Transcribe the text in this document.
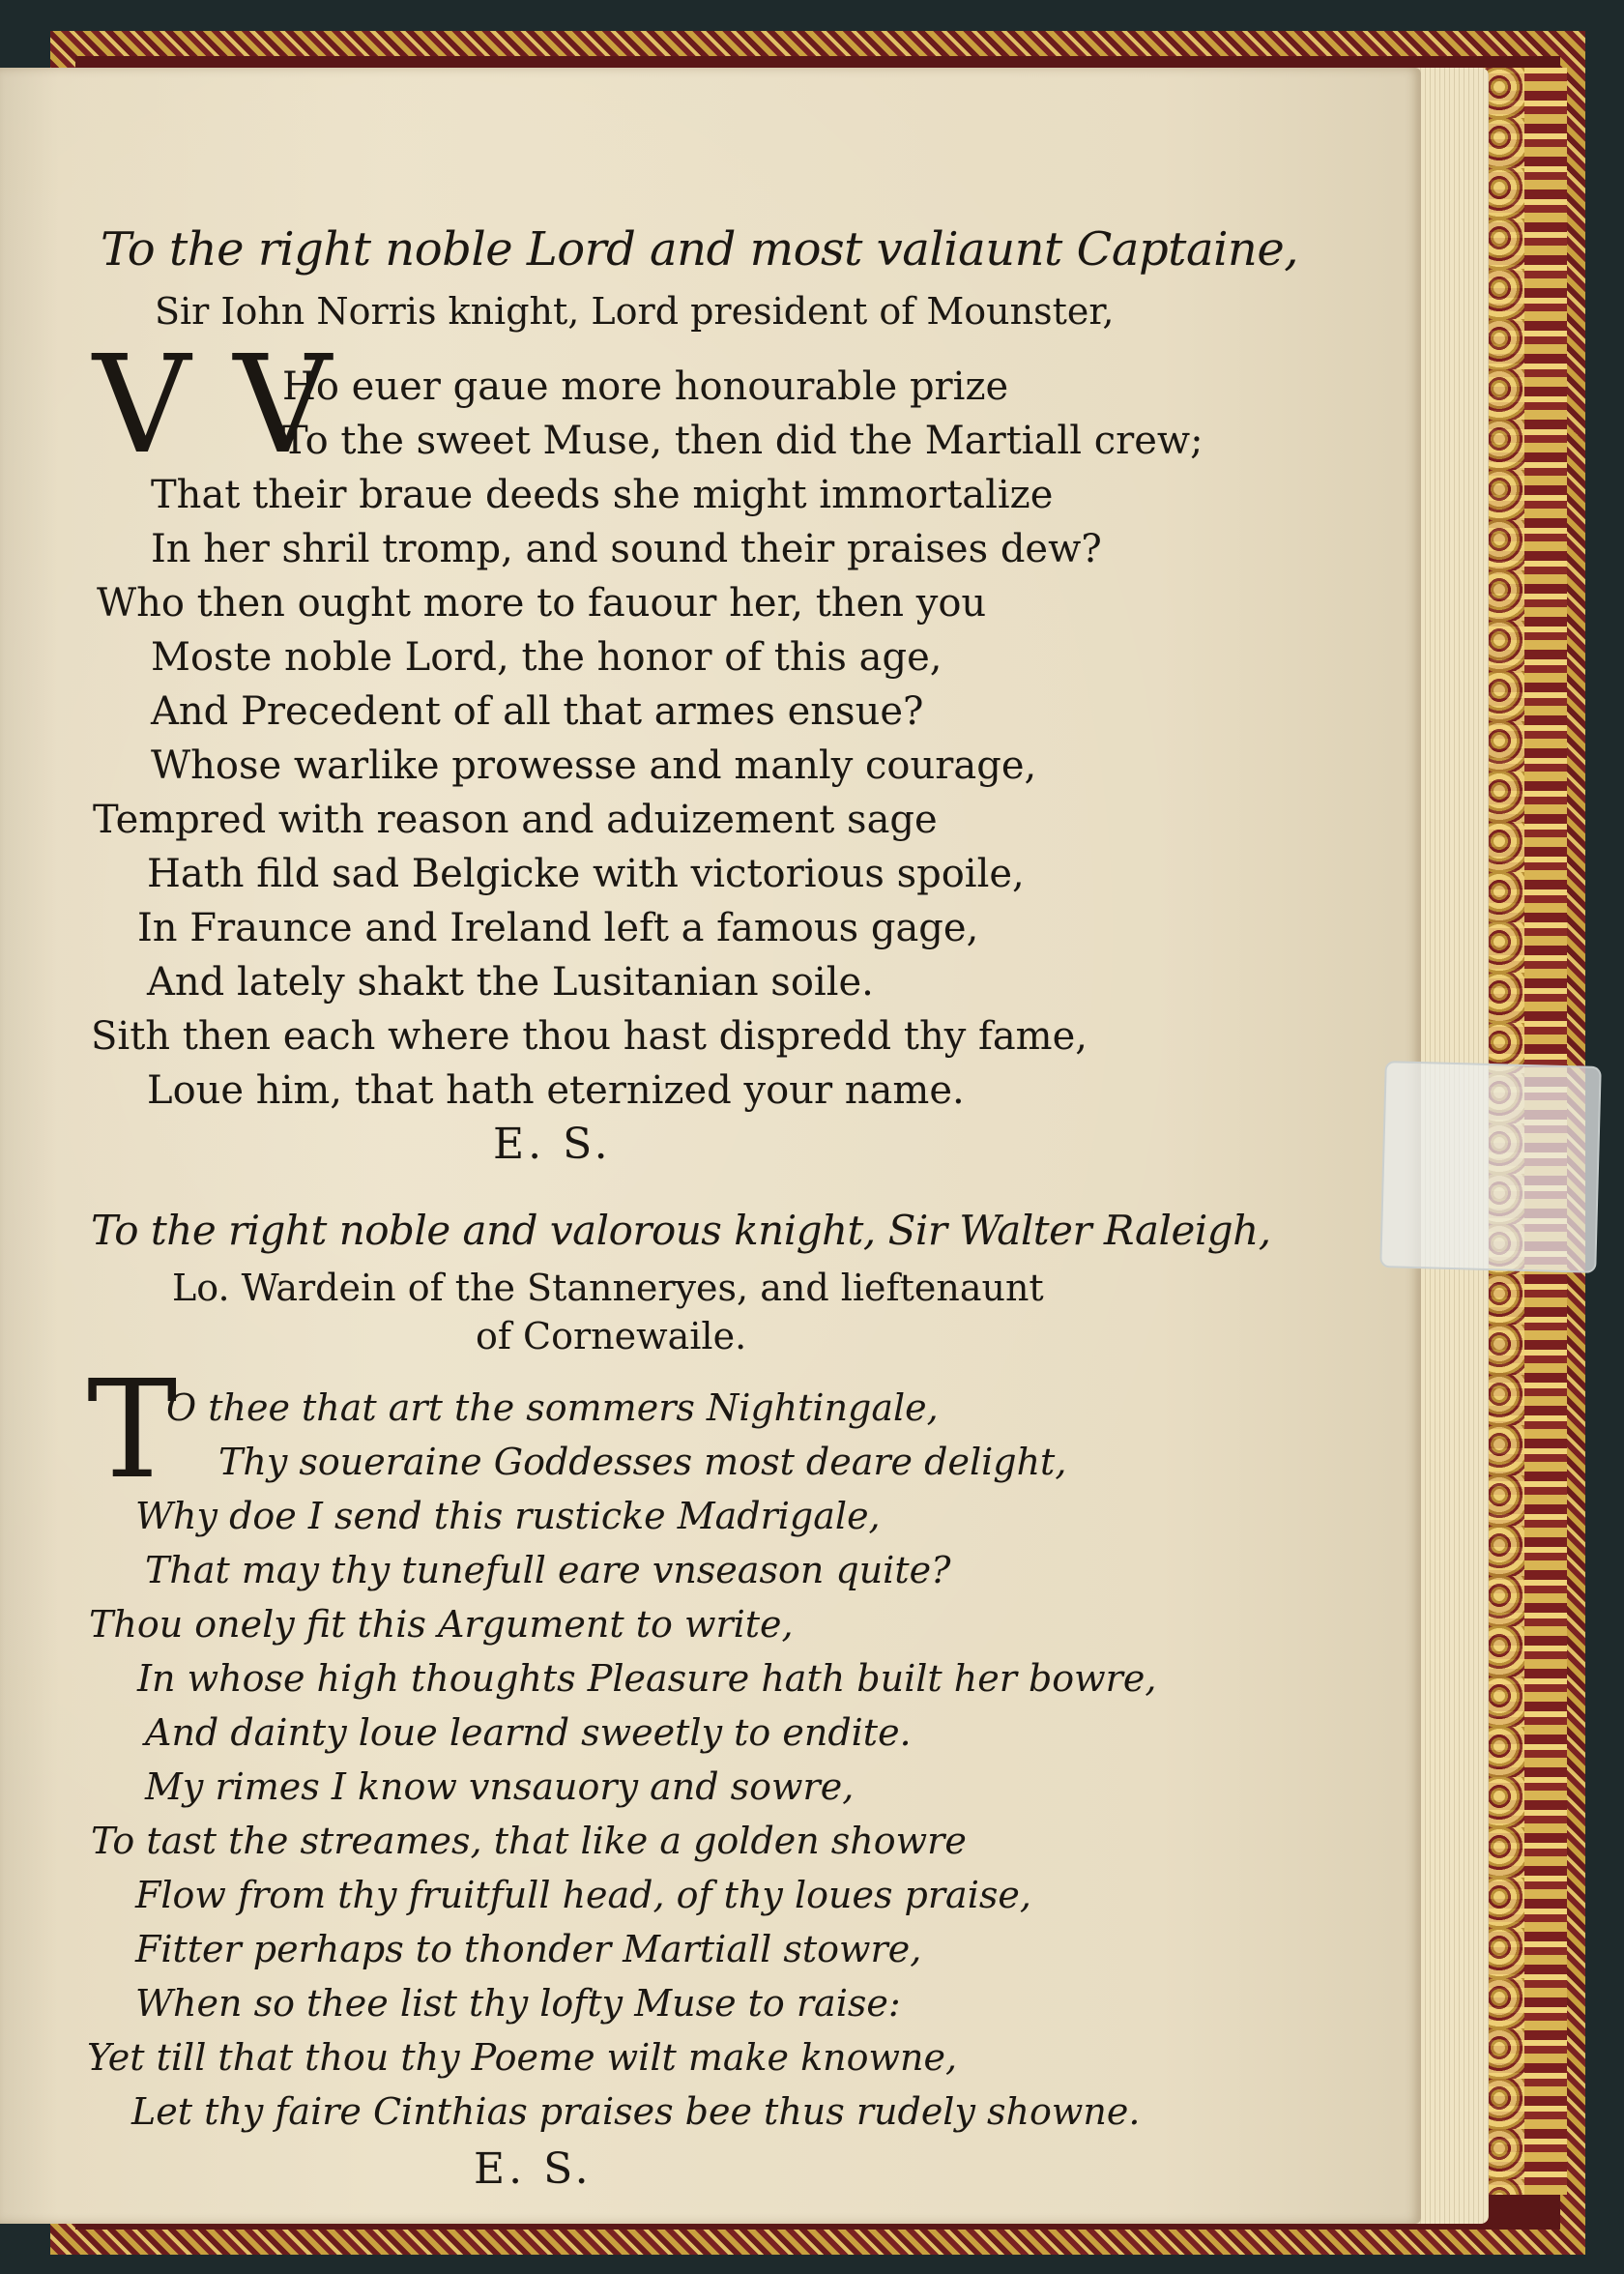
To the right noble Lord and most valiaunt Captaine,
Sir Iohn Norris knight, Lord president of Mounster,
V V
Ho euer gaue more honourable prize
To the sweet Muse, then did the Martiall crew;
That their braue deeds she might immortalize
In her shril tromp, and sound their praises dew?
Who then ought more to fauour her, then you
Moste noble Lord, the honor of this age,
And Precedent of all that armes ensue?
Whose warlike prowesse and manly courage,
Tempred with reason and aduizement sage
Hath fild sad Belgicke with victorious spoile,
In Fraunce and Ireland left a famous gage,
And lately shakt the Lusitanian soile.
Sith then each where thou hast dispredd thy fame,
Loue him, that hath eternized your name.
E. S.
To the right noble and valorous knight, Sir Walter Raleigh,
Lo. Wardein of the Stanneryes, and lieftenaunt
of Cornewaile.
T
O thee that art the sommers Nightingale,
Thy soueraine Goddesses most deare delight,
Why doe I send this rusticke Madrigale,
That may thy tunefull eare vnseason quite?
Thou onely fit this Argument to write,
In whose high thoughts Pleasure hath built her bowre,
And dainty loue learnd sweetly to endite.
My rimes I know vnsauory and sowre,
To tast the streames, that like a golden showre
Flow from thy fruitfull head, of thy loues praise,
Fitter perhaps to thonder Martiall stowre,
When so thee list thy lofty Muse to raise:
Yet till that thou thy Poeme wilt make knowne,
Let thy faire Cinthias praises bee thus rudely showne.
E. S.
